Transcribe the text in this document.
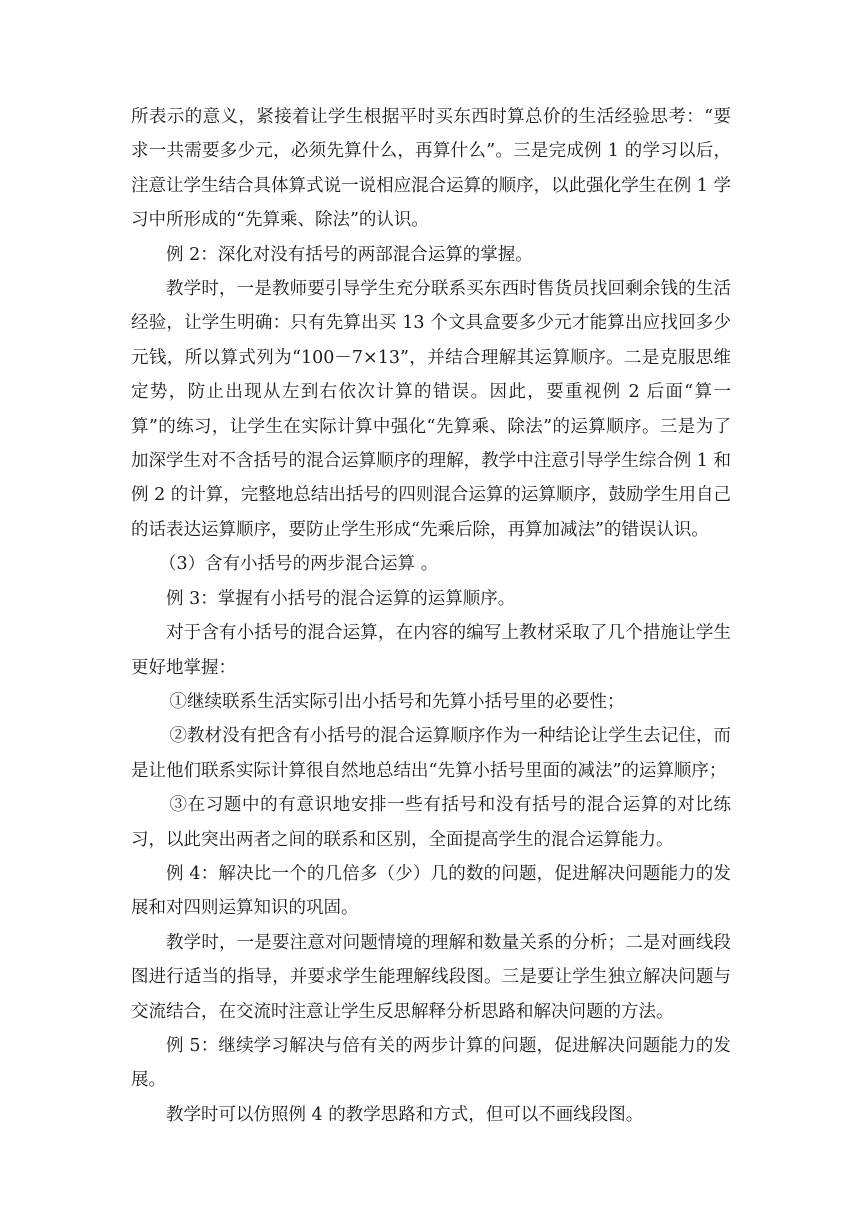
所表示的意义，紧接着让学生根据平时买东西时算总价的生活经验思考：“要求一共需要多少元，必须先算什么，再算什么”。三是完成例 1 的学习以后，注意让学生结合具体算式说一说相应混合运算的顺序，以此强化学生在例 1 学习中所形成的“先算乘、除法”的认识。

例 2：深化对没有括号的两部混合运算的掌握。

教学时，一是教师要引导学生充分联系买东西时售货员找回剩余钱的生活经验，让学生明确：只有先算出买 13 个文具盒要多少元才能算出应找回多少元钱，所以算式列为“100－7×13”，并结合理解其运算顺序。二是克服思维定势，防止出现从左到右依次计算的错误。因此，要重视例 2 后面“算一算”的练习，让学生在实际计算中强化“先算乘、除法”的运算顺序。三是为了加深学生对不含括号的混合运算顺序的理解，教学中注意引导学生综合例 1 和例 2 的计算，完整地总结出括号的四则混合运算的运算顺序，鼓励学生用自己的话表达运算顺序，要防止学生形成“先乘后除，再算加减法”的错误认识。

（3）含有小括号的两步混合运算 。

例 3：掌握有小括号的混合运算的运算顺序。

对于含有小括号的混合运算，在内容的编写上教材采取了几个措施让学生更好地掌握：

①继续联系生活实际引出小括号和先算小括号里的必要性；

②教材没有把含有小括号的混合运算顺序作为一种结论让学生去记住，而是让他们联系实际计算很自然地总结出“先算小括号里面的减法”的运算顺序；

③在习题中的有意识地安排一些有括号和没有括号的混合运算的对比练习，以此突出两者之间的联系和区别，全面提高学生的混合运算能力。

例 4：解决比一个的几倍多（少）几的数的问题，促进解决问题能力的发展和对四则运算知识的巩固。

教学时，一是要注意对问题情境的理解和数量关系的分析；二是对画线段图进行适当的指导，并要求学生能理解线段图。三是要让学生独立解决问题与交流结合，在交流时注意让学生反思解释分析思路和解决问题的方法。

例 5：继续学习解决与倍有关的两步计算的问题，促进解决问题能力的发展。

教学时可以仿照例 4 的教学思路和方式，但可以不画线段图。
